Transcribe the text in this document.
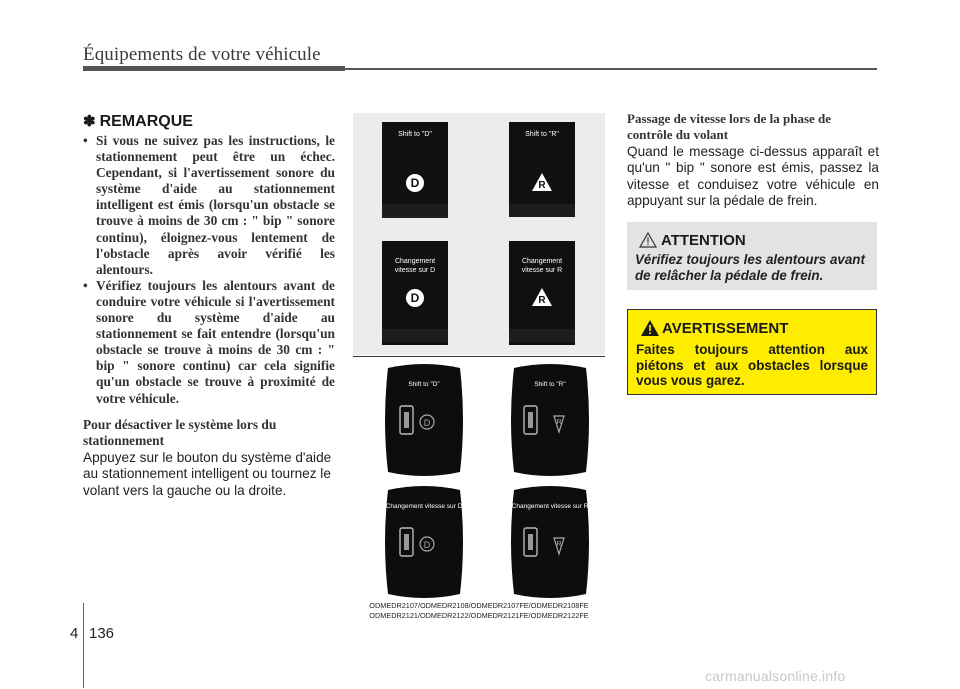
Équipements de votre véhicule
✽ REMARQUE
• Si vous ne suivez pas les instructions, le stationnement peut être un échec. Cependant, si l'avertissement sonore du système d'aide au stationnement intelligent est émis (lorsqu'un obstacle se trouve à moins de 30 cm : " bip " sonore continu), éloignez-vous lentement de l'obstacle après avoir vérifié les alentours.
• Vérifiez toujours les alentours avant de conduire votre véhicule si l'avertissement sonore du système d'aide au stationnement se fait entendre (lorsqu'un obstacle se trouve à moins de 30 cm : " bip " sonore continu) car cela signifie qu'un obstacle se trouve à proximité de votre véhicule.
Pour désactiver le système lors du stationnement
Appuyez sur le bouton du système d'aide au stationnement intelligent ou tournez le volant vers la gauche ou la droite.
Shift to "D"
D
Shift to "R"
R
Changement vitesse sur D
D
Changement vitesse sur R
R
D
Shift to "D"
R
Shift to "R"
D
Changement vitesse sur D
R
Changement vitesse sur R
ODMEDR2107/ODMEDR2108/ODMEDR2107FE/ODMEDR2108FE
ODMEDR2121/ODMEDR2122/ODMEDR2121FE/ODMEDR2122FE
Passage de vitesse lors de la phase de contrôle du volant
Quand le message ci-dessus apparaît et qu'un " bip " sonore est émis, passez la vitesse et conduisez votre véhicule en appuyant sur la pédale de frein.
ATTENTION
Vérifiez toujours les alentours avant de relâcher la pédale de frein.
AVERTISSEMENT
Faites toujours attention aux piétons et aux obstacles lorsque vous vous garez.
4 136
carmanualsonline.info
